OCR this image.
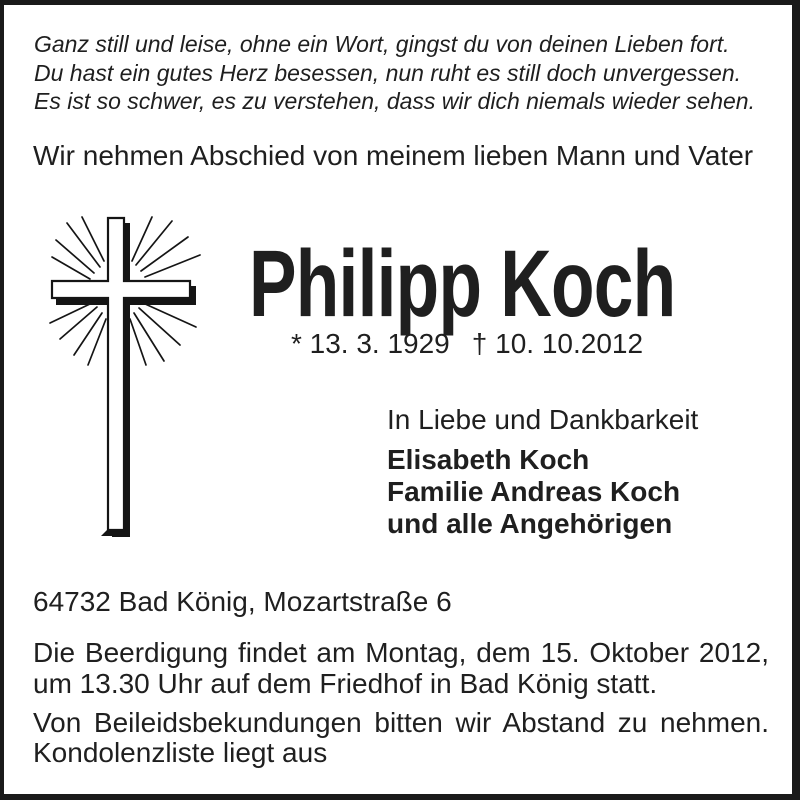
Ganz still und leise, ohne ein Wort, gingst du von deinen Lieben fort.
Du hast ein gutes Herz besessen, nun ruht es still doch unvergessen.
Es ist so schwer, es zu verstehen, dass wir dich niemals wieder sehen.
Wir nehmen Abschied von meinem lieben Mann und Vater
Philipp Koch
* 13. 3. 1929 † 10. 10.2012
In Liebe und Dankbarkeit
Elisabeth Koch
Familie Andreas Koch
und alle Angehörigen
64732 Bad König, Mozartstraße 6

Die Beerdigung findet am Montag, dem 15. Oktober 2012, um 13.30 Uhr auf dem Friedhof in Bad König statt.

Von Beileidsbekundungen bitten wir Abstand zu nehmen. Kondolenzliste liegt aus
